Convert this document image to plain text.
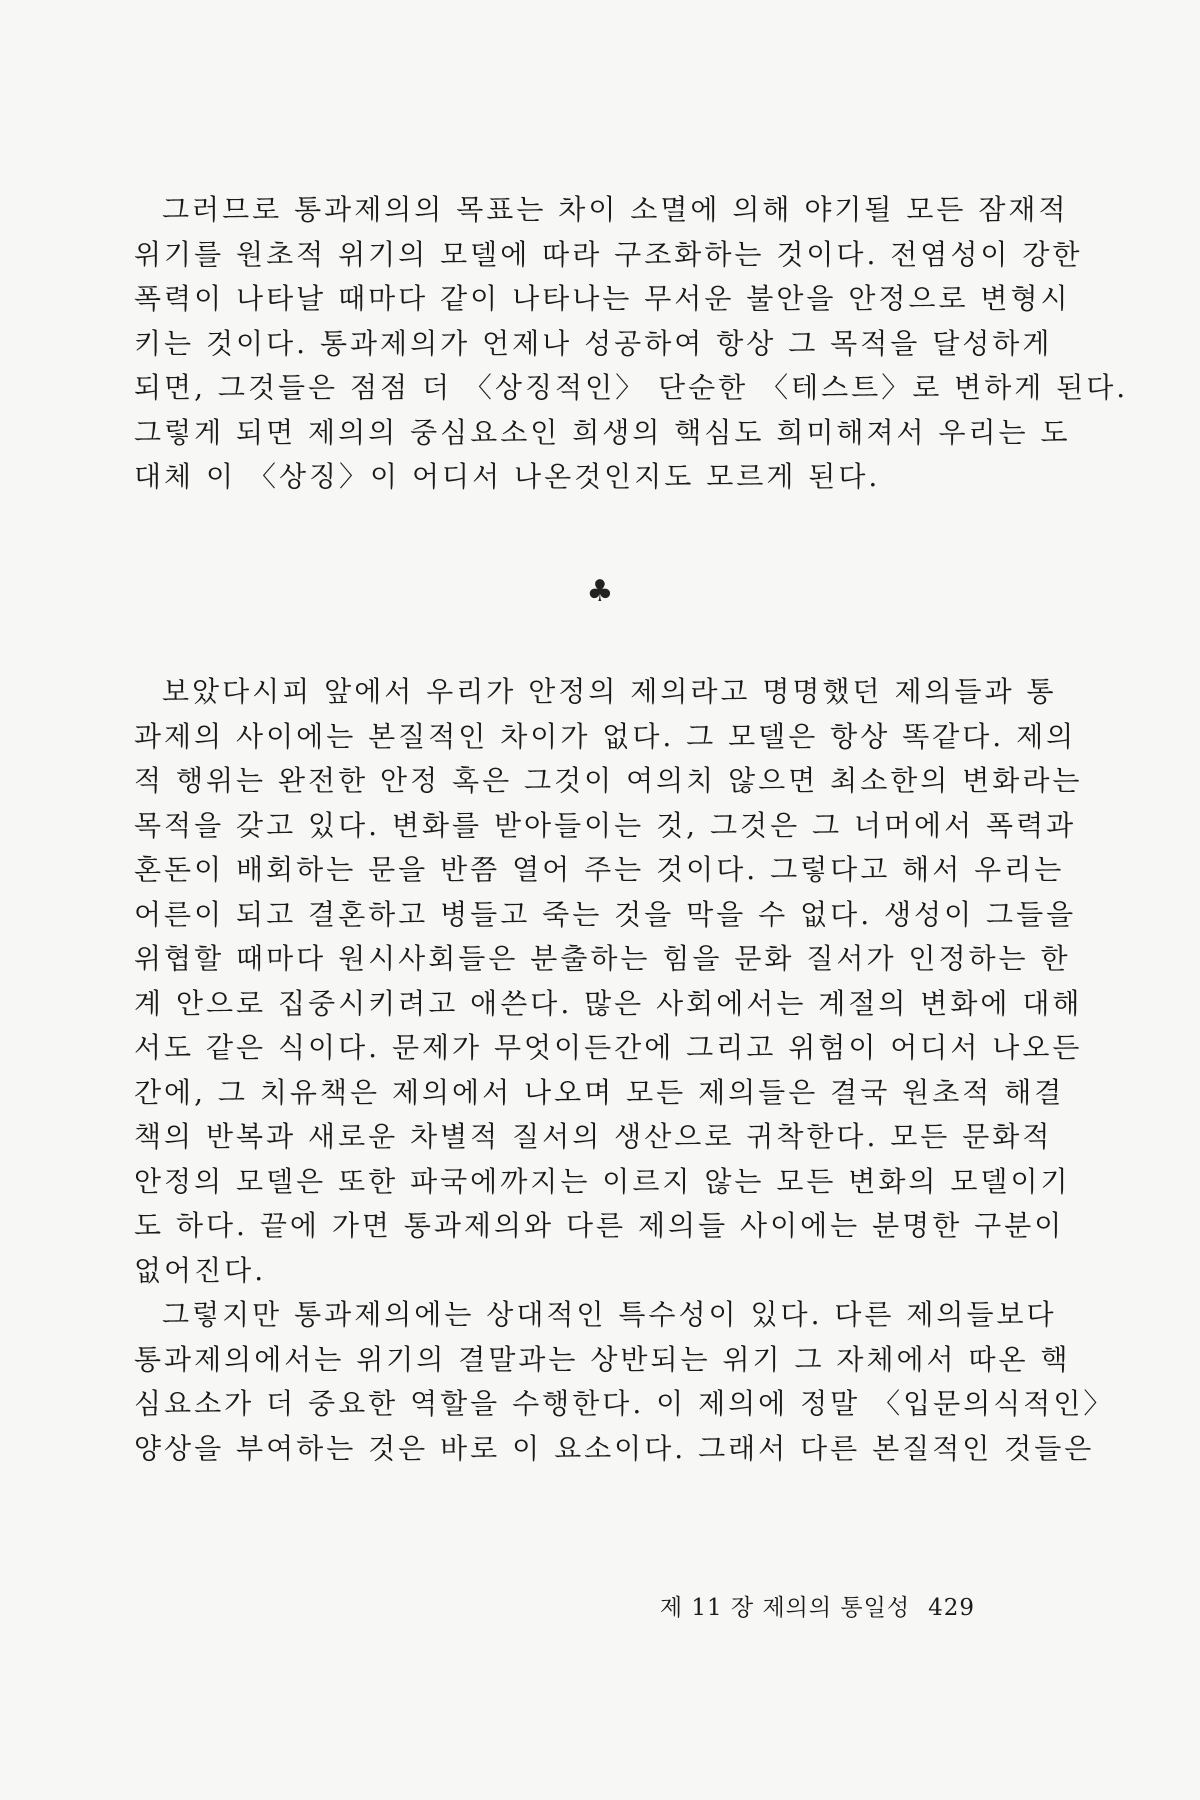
그러므로 통과제의의 목표는 차이 소멸에 의해 야기될 모든 잠재적
위기를 원초적 위기의 모델에 따라 구조화하는 것이다. 전염성이 강한
폭력이 나타날 때마다 같이 나타나는 무서운 불안을 안정으로 변형시
키는 것이다. 통과제의가 언제나 성공하여 항상 그 목적을 달성하게
되면, 그것들은 점점 더 〈상징적인〉 단순한 〈테스트〉로 변하게 된다.
그렇게 되면 제의의 중심요소인 희생의 핵심도 희미해져서 우리는 도
대체 이 〈상징〉이 어디서 나온것인지도 모르게 된다.
♣
보았다시피 앞에서 우리가 안정의 제의라고 명명했던 제의들과 통
과제의 사이에는 본질적인 차이가 없다. 그 모델은 항상 똑같다. 제의
적 행위는 완전한 안정 혹은 그것이 여의치 않으면 최소한의 변화라는
목적을 갖고 있다. 변화를 받아들이는 것, 그것은 그 너머에서 폭력과
혼돈이 배회하는 문을 반쯤 열어 주는 것이다. 그렇다고 해서 우리는
어른이 되고 결혼하고 병들고 죽는 것을 막을 수 없다. 생성이 그들을
위협할 때마다 원시사회들은 분출하는 힘을 문화 질서가 인정하는 한
계 안으로 집중시키려고 애쓴다. 많은 사회에서는 계절의 변화에 대해
서도 같은 식이다. 문제가 무엇이든간에 그리고 위험이 어디서 나오든
간에, 그 치유책은 제의에서 나오며 모든 제의들은 결국 원초적 해결
책의 반복과 새로운 차별적 질서의 생산으로 귀착한다. 모든 문화적
안정의 모델은 또한 파국에까지는 이르지 않는 모든 변화의 모델이기
도 하다. 끝에 가면 통과제의와 다른 제의들 사이에는 분명한 구분이
없어진다.
그렇지만 통과제의에는 상대적인 특수성이 있다. 다른 제의들보다
통과제의에서는 위기의 결말과는 상반되는 위기 그 자체에서 따온 핵
심요소가 더 중요한 역할을 수행한다. 이 제의에 정말 〈입문의식적인〉
양상을 부여하는 것은 바로 이 요소이다. 그래서 다른 본질적인 것들은
제 11 장 제의의 통일성 429
